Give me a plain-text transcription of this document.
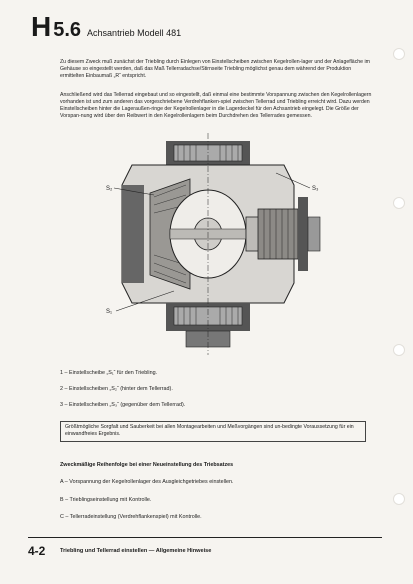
H 5.6 Achsantrieb Modell 481
Zu diesem Zweck muß zunächst der Triebling durch Einlegen von Einstellscheiben zwischen Kegelrollen-lager und der Anlagefläche im Gehäuse so eingestellt werden, daß das Maß Tellerradachse/Stirnseite Triebling möglichst genau dem während der Produktion ermittelten Einbaumaß „R“ entspricht.
Anschließend wird das Tellerrad eingebaut und so eingestellt, daß einmal eine bestimmte Vorspannung zwischen den Kegelrollenlagern vorhanden ist und zum anderen das vorgeschriebene Verdrehflanken-spiel zwischen Tellerrad und Triebling erreicht wird. Dazu werden Einstellscheiben hinter die Lageraußen-ringe der Kegelrollenlager in die Lagerdeckel für den Achsantrieb eingelegt. Die Größe der Vorspan-nung wird über den Reibwert in den Kegelrollenlagern beim Durchdrehen des Tellerrades gemessen.
S₂	S₃
S₁
1 – Einstellscheibe „S₁“ für den Triebling.
2 – Einstellscheiben „S₂“ (hinter dem Tellerrad).
3 – Einstellscheiben „S₃“ (gegenüber dem Tellerrad).
Größtmögliche Sorgfalt und Sauberkeit bei allen Montagearbeiten und Meßvorgängen sind un-bedingte Voraussetzung für ein einwandfreies Ergebnis.
Zweckmäßige Reihenfolge bei einer Neueinstellung des Triebsatzes
A – Vorspannung der Kegelrollenlager des Ausgleichgetriebes einstellen.
B – Trieblingseinstellung mit Kontrolle.
C – Tellerradeinstellung (Verdrehflankenspiel) mit Kontrolle.
4-2	Triebling und Tellerrad einstellen — Allgemeine Hinweise
